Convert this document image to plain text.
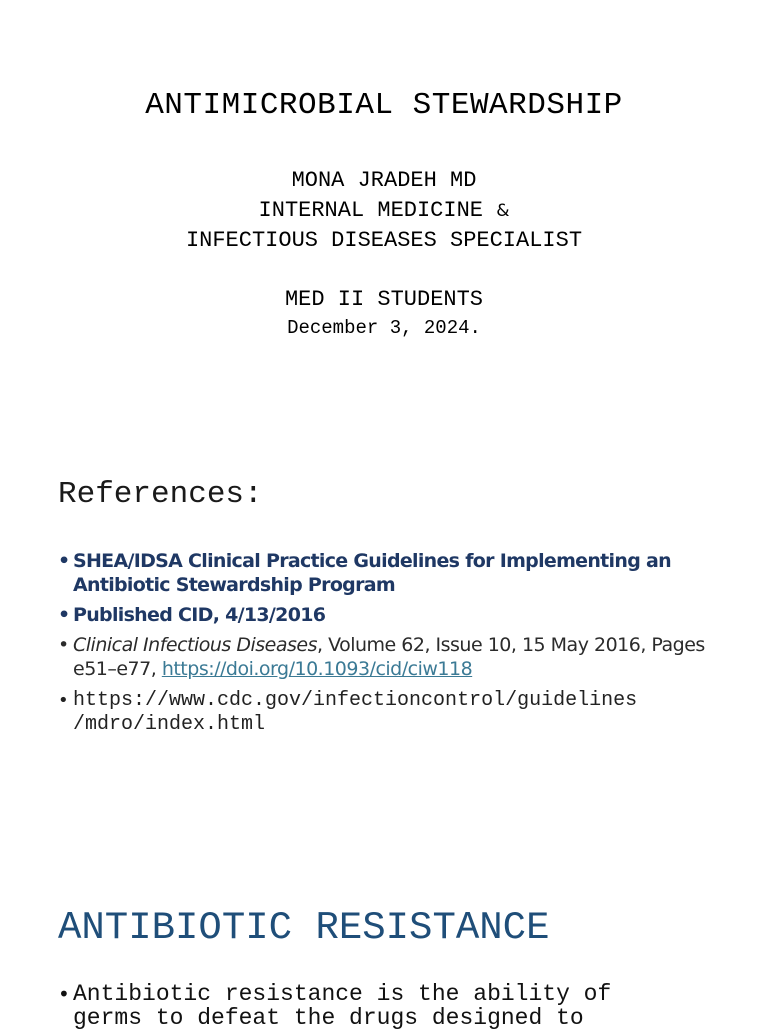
ANTIMICROBIAL STEWARDSHIP
MONA JRADEH MD
INTERNAL MEDICINE &
INFECTIOUS DISEASES SPECIALIST
MED II STUDENTS
December 3, 2024.
References:
• SHEA/IDSA Clinical Practice Guidelines for Implementing an Antibiotic Stewardship Program
• Published CID, 4/13/2016
• Clinical Infectious Diseases, Volume 62, Issue 10, 15 May 2016, Pages e51–e77, https://doi.org/10.1093/cid/ciw118
• https://www.cdc.gov/infectioncontrol/guidelines
/mdro/index.html
ANTIBIOTIC RESISTANCE
• Antibiotic resistance is the ability of
germs to defeat the drugs designed to
